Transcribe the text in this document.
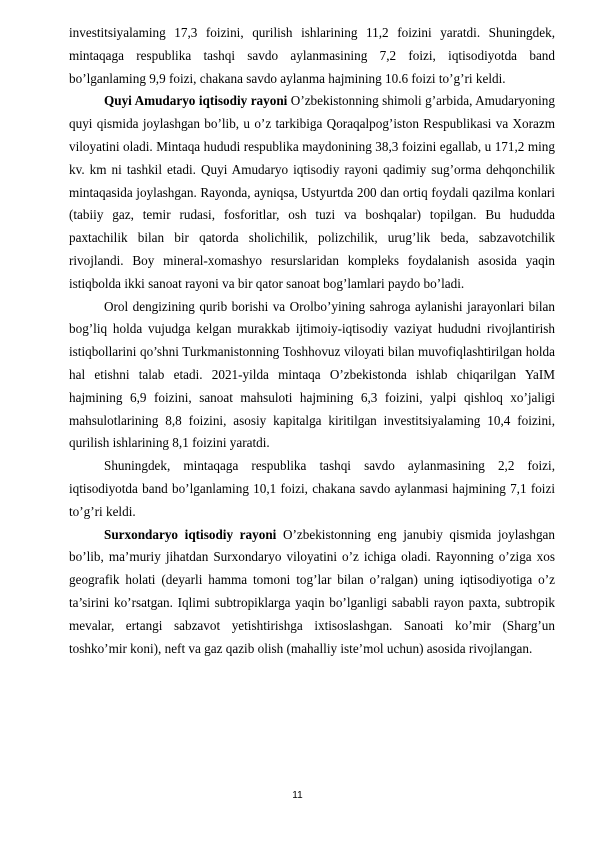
investitsiyalaming 17,3 foizini, qurilish ishlarining 11,2 foizini yaratdi. Shuningdek, mintaqaga respublika tashqi savdo aylanmasining 7,2 foizi, iqtisodiyotda band bo’lganlaming 9,9 foizi, chakana savdo aylanma hajmining 10.6 foizi to’g’ri keldi.

Quyi Amudaryo iqtisodiy rayoni O’zbekistonning shimoli g’arbida, Amudaryoning quyi qismida joylashgan bo’lib, u o’z tarkibiga Qoraqalpog’iston Respublikasi va Xorazm viloyatini oladi. Mintaqa hududi respublika maydonining 38,3 foizini egallab, u 171,2 ming kv. km ni tashkil etadi. Quyi Amudaryo iqtisodiy rayoni qadimiy sug’orma dehqonchilik mintaqasida joylashgan. Rayonda, ayniqsa, Ustyurtda 200 dan ortiq foydali qazilma konlari (tabiiy gaz, temir rudasi, fosforitlar, osh tuzi va boshqalar) topilgan. Bu hududda paxtachilik bilan bir qatorda sholichilik, polizchilik, urug’lik beda, sabzavotchilik rivojlandi. Boy mineral-xomashyo resurslaridan kompleks foydalanish asosida yaqin istiqbolda ikki sanoat rayoni va bir qator sanoat bog’lamlari paydo bo’ladi.

Orol dengizining qurib borishi va Orolbo’yining sahroga aylanishi jarayonlari bilan bog’liq holda vujudga kelgan murakkab ijtimoiy-iqtisodiy vaziyat hududni rivojlantirish istiqbollarini qo’shni Turkmanistonning Toshhovuz viloyati bilan muvofiqlashtirilgan holda hal etishni talab etadi. 2021-yilda mintaqa O’zbekistonda ishlab chiqarilgan YaIM hajmining 6,9 foizini, sanoat mahsuloti hajmining 6,3 foizini, yalpi qishloq xo’jaligi mahsulotlarining 8,8 foizini, asosiy kapitalga kiritilgan investitsiyalaming 10,4 foizini, qurilish ishlarining 8,1 foizini yaratdi.

Shuningdek, mintaqaga respublika tashqi savdo aylanmasining 2,2 foizi, iqtisodiyotda band bo’lganlaming 10,1 foizi, chakana savdo aylanmasi hajmining 7,1 foizi to’g’ri keldi.

Surxondaryo iqtisodiy rayoni O’zbekistonning eng janubiy qismida joylashgan bo’lib, ma’muriy jihatdan Surxondaryo viloyatini o’z ichiga oladi. Rayonning o’ziga xos geografik holati (deyarli hamma tomoni tog’lar bilan o’ralgan) uning iqtisodiyotiga o’z ta’sirini ko’rsatgan. Iqlimi subtropiklarga yaqin bo’lganligi sababli rayon paxta, subtropik mevalar, ertangi sabzavot yetishtirishga ixtisoslashgan. Sanoati ko’mir (Sharg’un toshko’mir koni), neft va gaz qazib olish (mahalliy iste’mol uchun) asosida rivojlangan.

11
